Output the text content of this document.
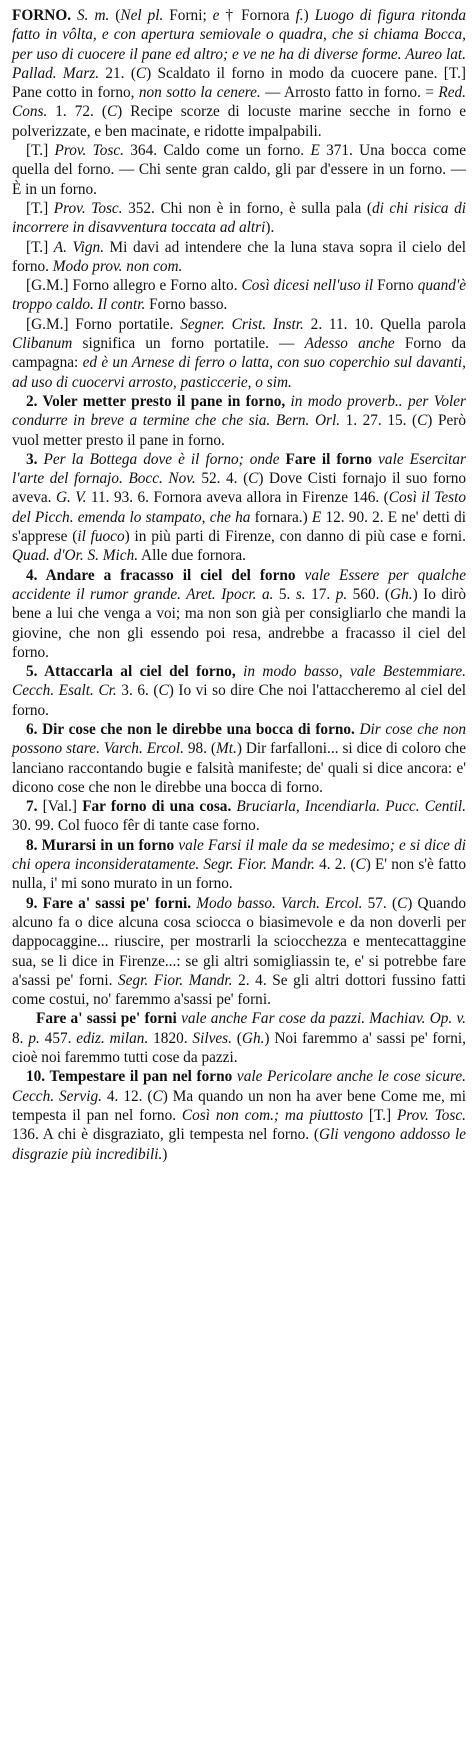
FORNO. S. m. (Nel pl. Forni; e † Fornora f.) Luogo di figura ritonda fatto in vôlta, e con apertura semiovale o quadra, che si chiama Bocca, per uso di cuocere il pane ed altro; e ve ne ha di diverse forme. Aureo lat. Pallad. Marz. 21. (C) Scaldato il forno in modo da cuocere pane. [T.] Pane cotto in forno, non sotto la cenere. — Arrosto fatto in forno. = Red. Cons. 1. 72. (C) Recipe scorze di locuste marine secche in forno e polverizzate, e ben macinate, e ridotte impalpabili.

[T.] Prov. Tosc. 364. Caldo come un forno. E 371. Una bocca come quella del forno. — Chi sente gran caldo, gli par d'essere in un forno. — È in un forno.

[T.] Prov. Tosc. 352. Chi non è in forno, è sulla pala (di chi risica di incorrere in disavventura toccata ad altri).

[T.] A. Vign. Mi davi ad intendere che la luna stava sopra il cielo del forno. Modo prov. non com.

[G.M.] Forno allegro e Forno alto. Così dicesi nell'uso il Forno quand'è troppo caldo. Il contr. Forno basso.

[G.M.] Forno portatile. Segner. Crist. Instr. 2. 11. 10. Quella parola Clibanum significa un forno portatile. — Adesso anche Forno da campagna: ed è un Arnese di ferro o latta, con suo coperchio sul davanti, ad uso di cuocervi arrosto, pasticcerie, o sim.

2. Voler metter presto il pane in forno, in modo proverb.. per Voler condurre in breve a termine che che sia. Bern. Orl. 1. 27. 15. (C) Però vuol metter presto il pane in forno.

3. Per la Bottega dove è il forno; onde Fare il forno vale Esercitar l'arte del fornajo. Bocc. Nov. 52. 4. (C) Dove Cisti fornajo il suo forno aveva. G. V. 11. 93. 6. Fornora aveva allora in Firenze 146. (Così il Testo del Picch. emenda lo stampato, che ha fornara.) E 12. 90. 2. E ne' detti di s'apprese (il fuoco) in più parti di Firenze, con danno di più case e forni. Quad. d'Or. S. Mich. Alle due fornora.

4. Andare a fracasso il ciel del forno vale Essere per qualche accidente il rumor grande. Aret. Ipocr. a. 5. s. 17. p. 560. (Gh.) Io dirò bene a lui che venga a voi; ma non son già per consigliarlo che mandi la giovine, che non gli essendo poi resa, andrebbe a fracasso il ciel del forno.

5. Attaccarla al ciel del forno, in modo basso, vale Bestemmiare. Cecch. Esalt. Cr. 3. 6. (C) Io vi so dire Che noi l'attaccheremo al ciel del forno.

6. Dir cose che non le direbbe una bocca di forno. Dir cose che non possono stare. Varch. Ercol. 98. (Mt.) Dir farfalloni... si dice di coloro che lanciano raccontando bugie e falsità manifeste; de' quali si dice ancora: e' dicono cose che non le direbbe una bocca di forno.

7. [Val.] Far forno di una cosa. Bruciarla, Incendiarla. Pucc. Centil. 30. 99. Col fuoco fêr di tante case forno.

8. Murarsi in un forno vale Farsi il male da se medesimo; e si dice di chi opera inconsideratamente. Segr. Fior. Mandr. 4. 2. (C) E' non s'è fatto nulla, i' mi sono murato in un forno.

9. Fare a' sassi pe' forni. Modo basso. Varch. Ercol. 57. (C) Quando alcuno fa o dice alcuna cosa sciocca o biasimevole e da non doverli per dappocaggine... riuscire, per mostrarli la sciocchezza e mentecattaggine sua, se li dice in Firenze...: se gli altri somigliassin te, e' si potrebbe fare a'sassi pe' forni. Segr. Fior. Mandr. 2. 4. Se gli altri dottori fussino fatti come costui, no' faremmo a'sassi pe' forni.

Fare a' sassi pe' forni vale anche Far cose da pazzi. Machiav. Op. v. 8. p. 457. ediz. milan. 1820. Silves. (Gh.) Noi faremmo a' sassi pe' forni, cioè noi faremmo tutti cose da pazzi.

10. Tempestare il pan nel forno vale Pericolare anche le cose sicure. Cecch. Servig. 4. 12. (C) Ma quando un non ha aver bene Come me, mi tempesta il pan nel forno. Così non com.; ma piuttosto [T.] Prov. Tosc. 136. A chi è disgraziato, gli tempesta nel forno. (Gli vengono addosso le disgrazie più incredibili.)
